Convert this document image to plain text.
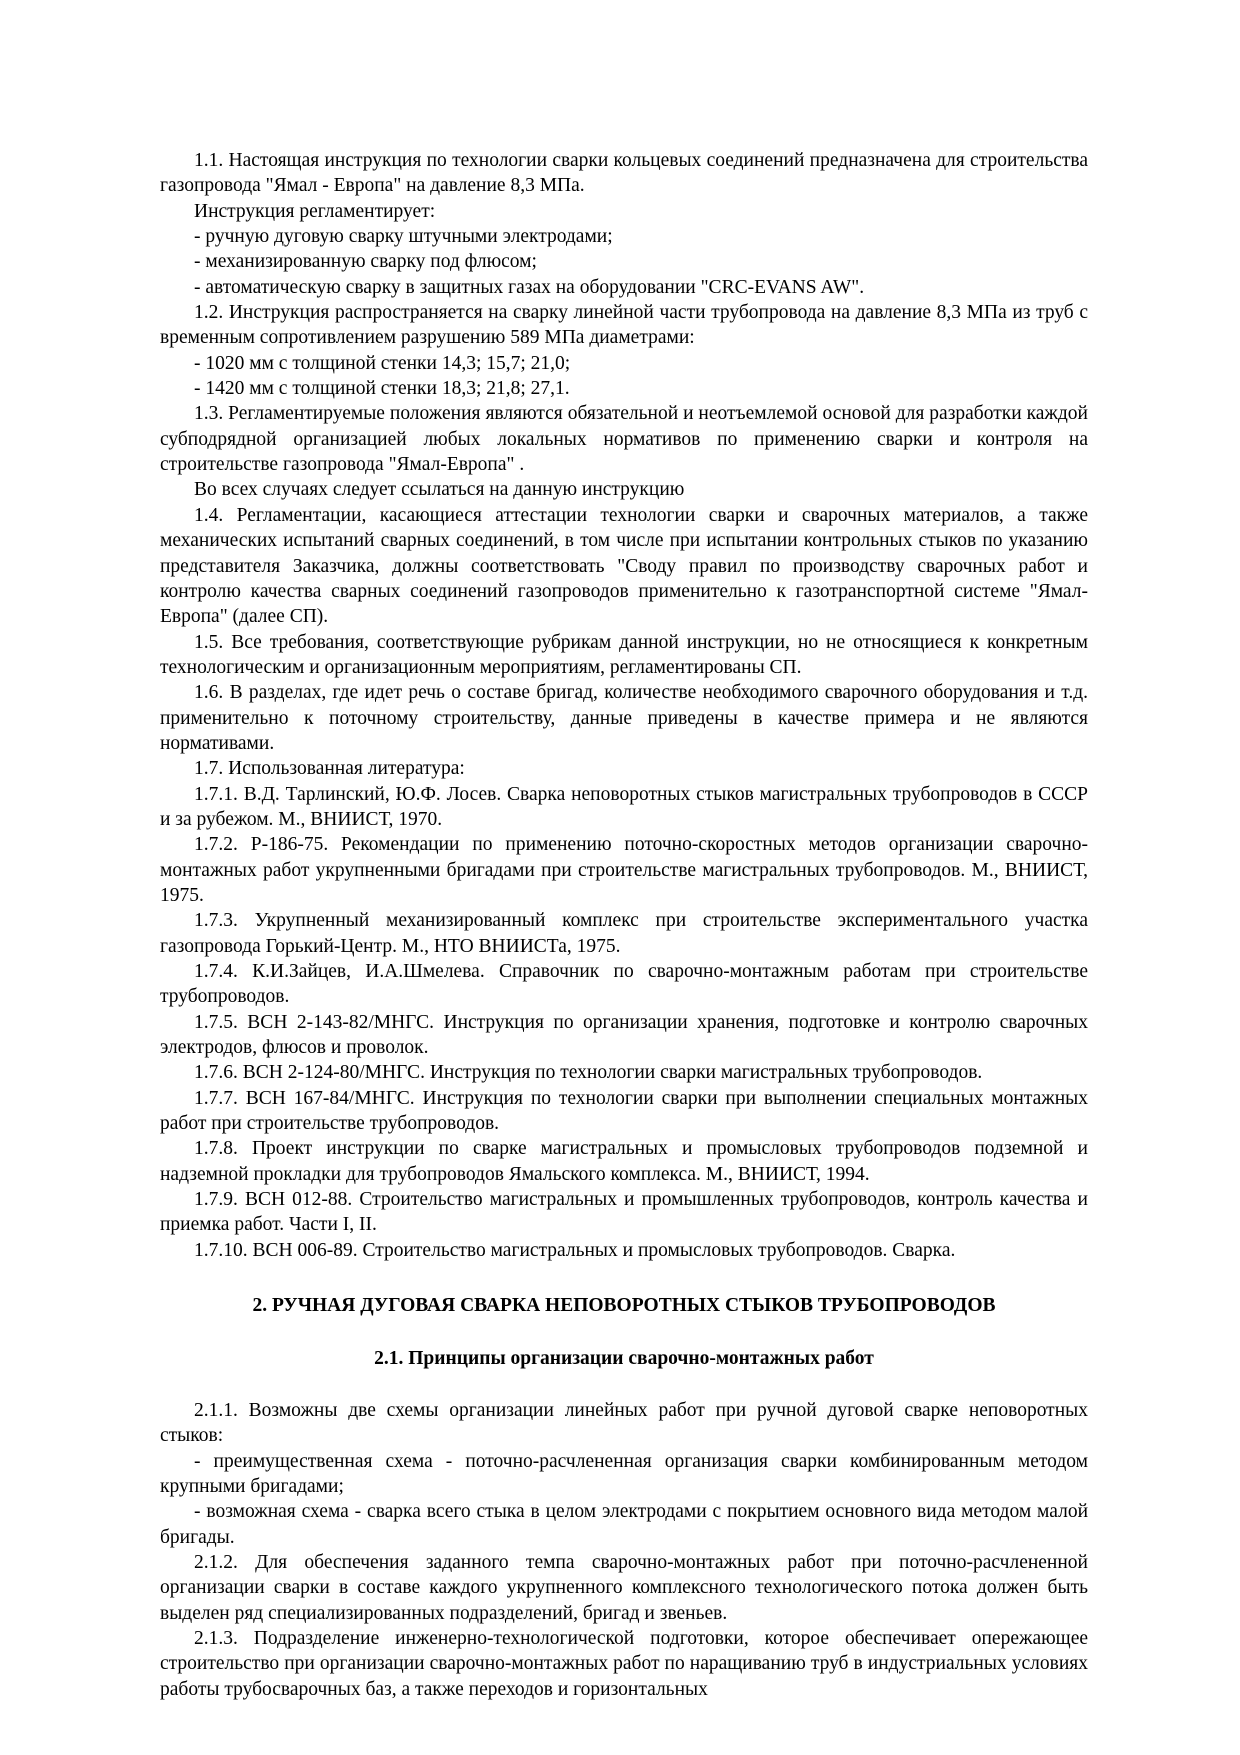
1.1. Настоящая инструкция по технологии сварки кольцевых соединений предназначена для строительства газопровода "Ямал - Европа" на давление 8,3 МПа.

Инструкция регламентирует:

- ручную дуговую сварку штучными электродами;

- механизированную сварку под флюсом;

- автоматическую сварку в защитных газах на оборудовании "CRC-EVANS AW".

1.2. Инструкция распространяется на сварку линейной части трубопровода на давление 8,3 МПа из труб с временным сопротивлением разрушению 589 МПа диаметрами:

- 1020 мм с толщиной стенки 14,3; 15,7; 21,0;

- 1420 мм с толщиной стенки 18,3; 21,8; 27,1.

1.3. Регламентируемые положения являются обязательной и неотъемлемой основой для разработки каждой субподрядной организацией любых локальных нормативов по применению сварки и контроля на строительстве газопровода "Ямал-Европа" .

Во всех случаях следует ссылаться на данную инструкцию

1.4. Регламентации, касающиеся аттестации технологии сварки и сварочных материалов, а также механических испытаний сварных соединений, в том числе при испытании контрольных стыков по указанию представителя Заказчика, должны соответствовать "Своду правил по производству сварочных работ и контролю качества сварных соединений газопроводов применительно к газотранспортной системе "Ямал-Европа" (далее СП).

1.5. Все требования, соответствующие рубрикам данной инструкции, но не относящиеся к конкретным технологическим и организационным мероприятиям, регламентированы СП.

1.6. В разделах, где идет речь о составе бригад, количестве необходимого сварочного оборудования и т.д. применительно к поточному строительству, данные приведены в качестве примера и не являются нормативами.

1.7. Использованная литература:

1.7.1. В.Д. Тарлинский, Ю.Ф. Лосев. Сварка неповоротных стыков магистральных трубопроводов в СССР и за рубежом. М., ВНИИСТ, 1970.

1.7.2. Р-186-75. Рекомендации по применению поточно-скоростных методов организации сварочно-монтажных работ укрупненными бригадами при строительстве магистральных трубопроводов. М., ВНИИСТ, 1975.

1.7.3. Укрупненный механизированный комплекс при строительстве экспериментального участка газопровода Горький-Центр. М., НТО ВНИИСТа, 1975.

1.7.4. К.И.Зайцев, И.А.Шмелева. Справочник по сварочно-монтажным работам при строительстве трубопроводов.

1.7.5. ВСН 2-143-82/МНГС. Инструкция по организации хранения, подготовке и контролю сварочных электродов, флюсов и проволок.

1.7.6. ВСН 2-124-80/МНГС. Инструкция по технологии сварки магистральных трубопроводов.

1.7.7. ВСН 167-84/МНГС. Инструкция по технологии сварки при выполнении специальных монтажных работ при строительстве трубопроводов.

1.7.8. Проект инструкции по сварке магистральных и промысловых трубопроводов подземной и надземной прокладки для трубопроводов Ямальского комплекса. М., ВНИИСТ, 1994.

1.7.9. ВСН 012-88. Строительство магистральных и промышленных трубопроводов, контроль качества и приемка работ. Части I, II.

1.7.10. ВСН 006-89. Строительство магистральных и промысловых трубопроводов. Сварка.

2. РУЧНАЯ ДУГОВАЯ СВАРКА НЕПОВОРОТНЫХ СТЫКОВ ТРУБОПРОВОДОВ
2.1. Принципы организации сварочно-монтажных работ

2.1.1. Возможны две схемы организации линейных работ при ручной дуговой сварке неповоротных стыков:

- преимущественная схема - поточно-расчлененная организация сварки комбинированным методом крупными бригадами;

- возможная схема - сварка всего стыка в целом электродами с покрытием основного вида методом малой бригады.

2.1.2. Для обеспечения заданного темпа сварочно-монтажных работ при поточно-расчлененной организации сварки в составе каждого укрупненного комплексного технологического потока должен быть выделен ряд специализированных подразделений, бригад и звеньев.

2.1.3. Подразделение инженерно-технологической подготовки, которое обеспечивает опережающее строительство при организации сварочно-монтажных работ по наращиванию труб в индустриальных условиях работы трубосварочных баз, а также переходов и горизонтальных
